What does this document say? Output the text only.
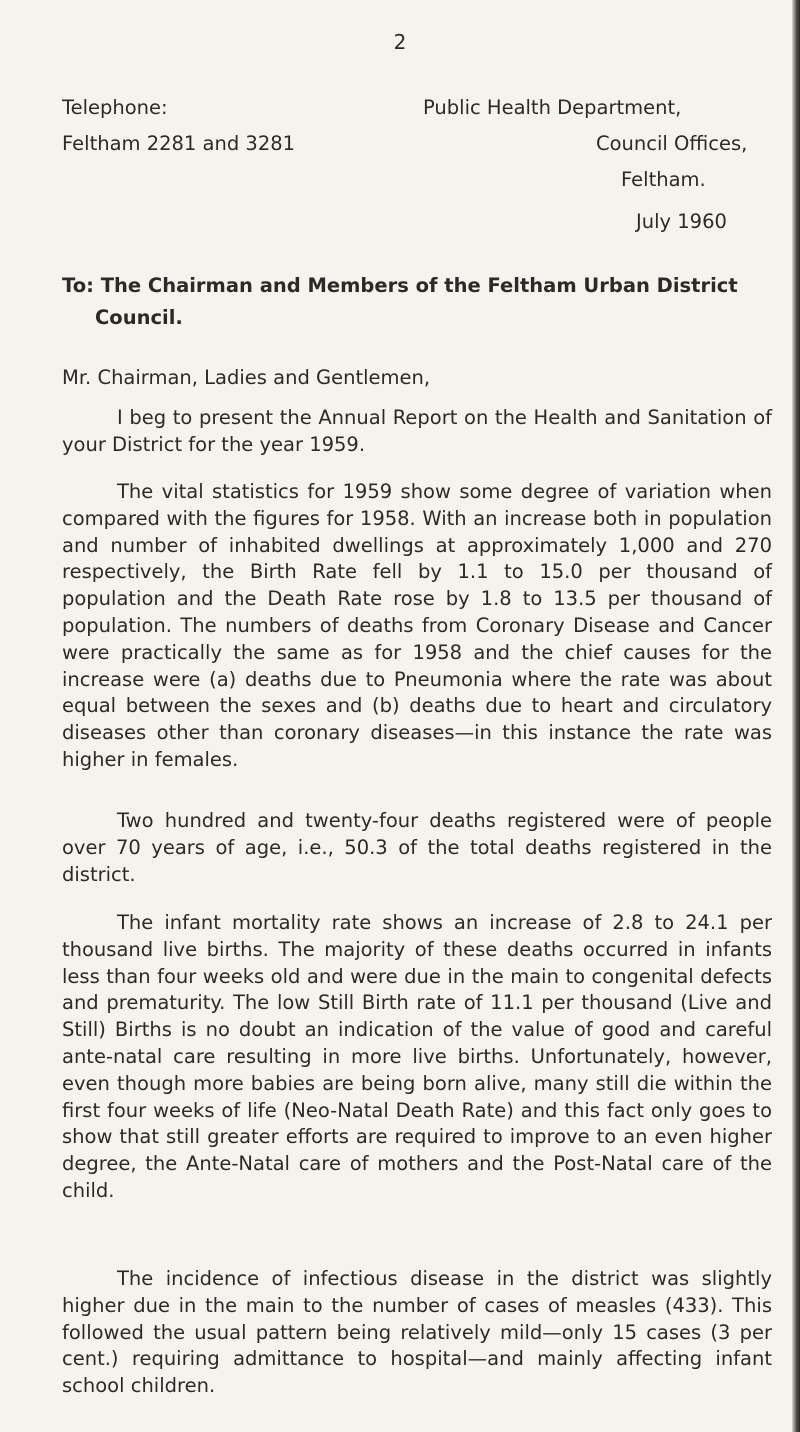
2
Telephone:
Feltham 2281 and 3281
Public Health Department,
Council Offices,
Feltham.
July 1960
To: The Chairman and Members of the Feltham Urban District
Council.
Mr. Chairman, Ladies and Gentlemen,

I beg to present the Annual Report on the Health and Sanitation of your District for the year 1959.

The vital statistics for 1959 show some degree of variation when compared with the figures for 1958. With an increase both in population and number of inhabited dwellings at approximately 1,000 and 270 respectively, the Birth Rate fell by 1.1 to 15.0 per thousand of population and the Death Rate rose by 1.8 to 13.5 per thousand of population. The numbers of deaths from Coronary Disease and Cancer were practically the same as for 1958 and the chief causes for the increase were (a) deaths due to Pneumonia where the rate was about equal between the sexes and (b) deaths due to heart and circulatory diseases other than coronary diseases—in this instance the rate was higher in females.

Two hundred and twenty-four deaths registered were of people over 70 years of age, i.e., 50.3 of the total deaths registered in the district.

The infant mortality rate shows an increase of 2.8 to 24.1 per thousand live births. The majority of these deaths occurred in infants less than four weeks old and were due in the main to congenital defects and prematurity. The low Still Birth rate of 11.1 per thousand (Live and Still) Births is no doubt an indication of the value of good and careful ante-natal care resulting in more live births. Unfortunately, however, even though more babies are being born alive, many still die within the first four weeks of life (Neo-Natal Death Rate) and this fact only goes to show that still greater efforts are required to improve to an even higher degree, the Ante-Natal care of mothers and the Post-Natal care of the child.

The incidence of infectious disease in the district was slightly higher due in the main to the number of cases of measles (433). This followed the usual pattern being relatively mild—only 15 cases (3 per cent.) requiring admittance to hospital—and mainly affecting infant school children.
